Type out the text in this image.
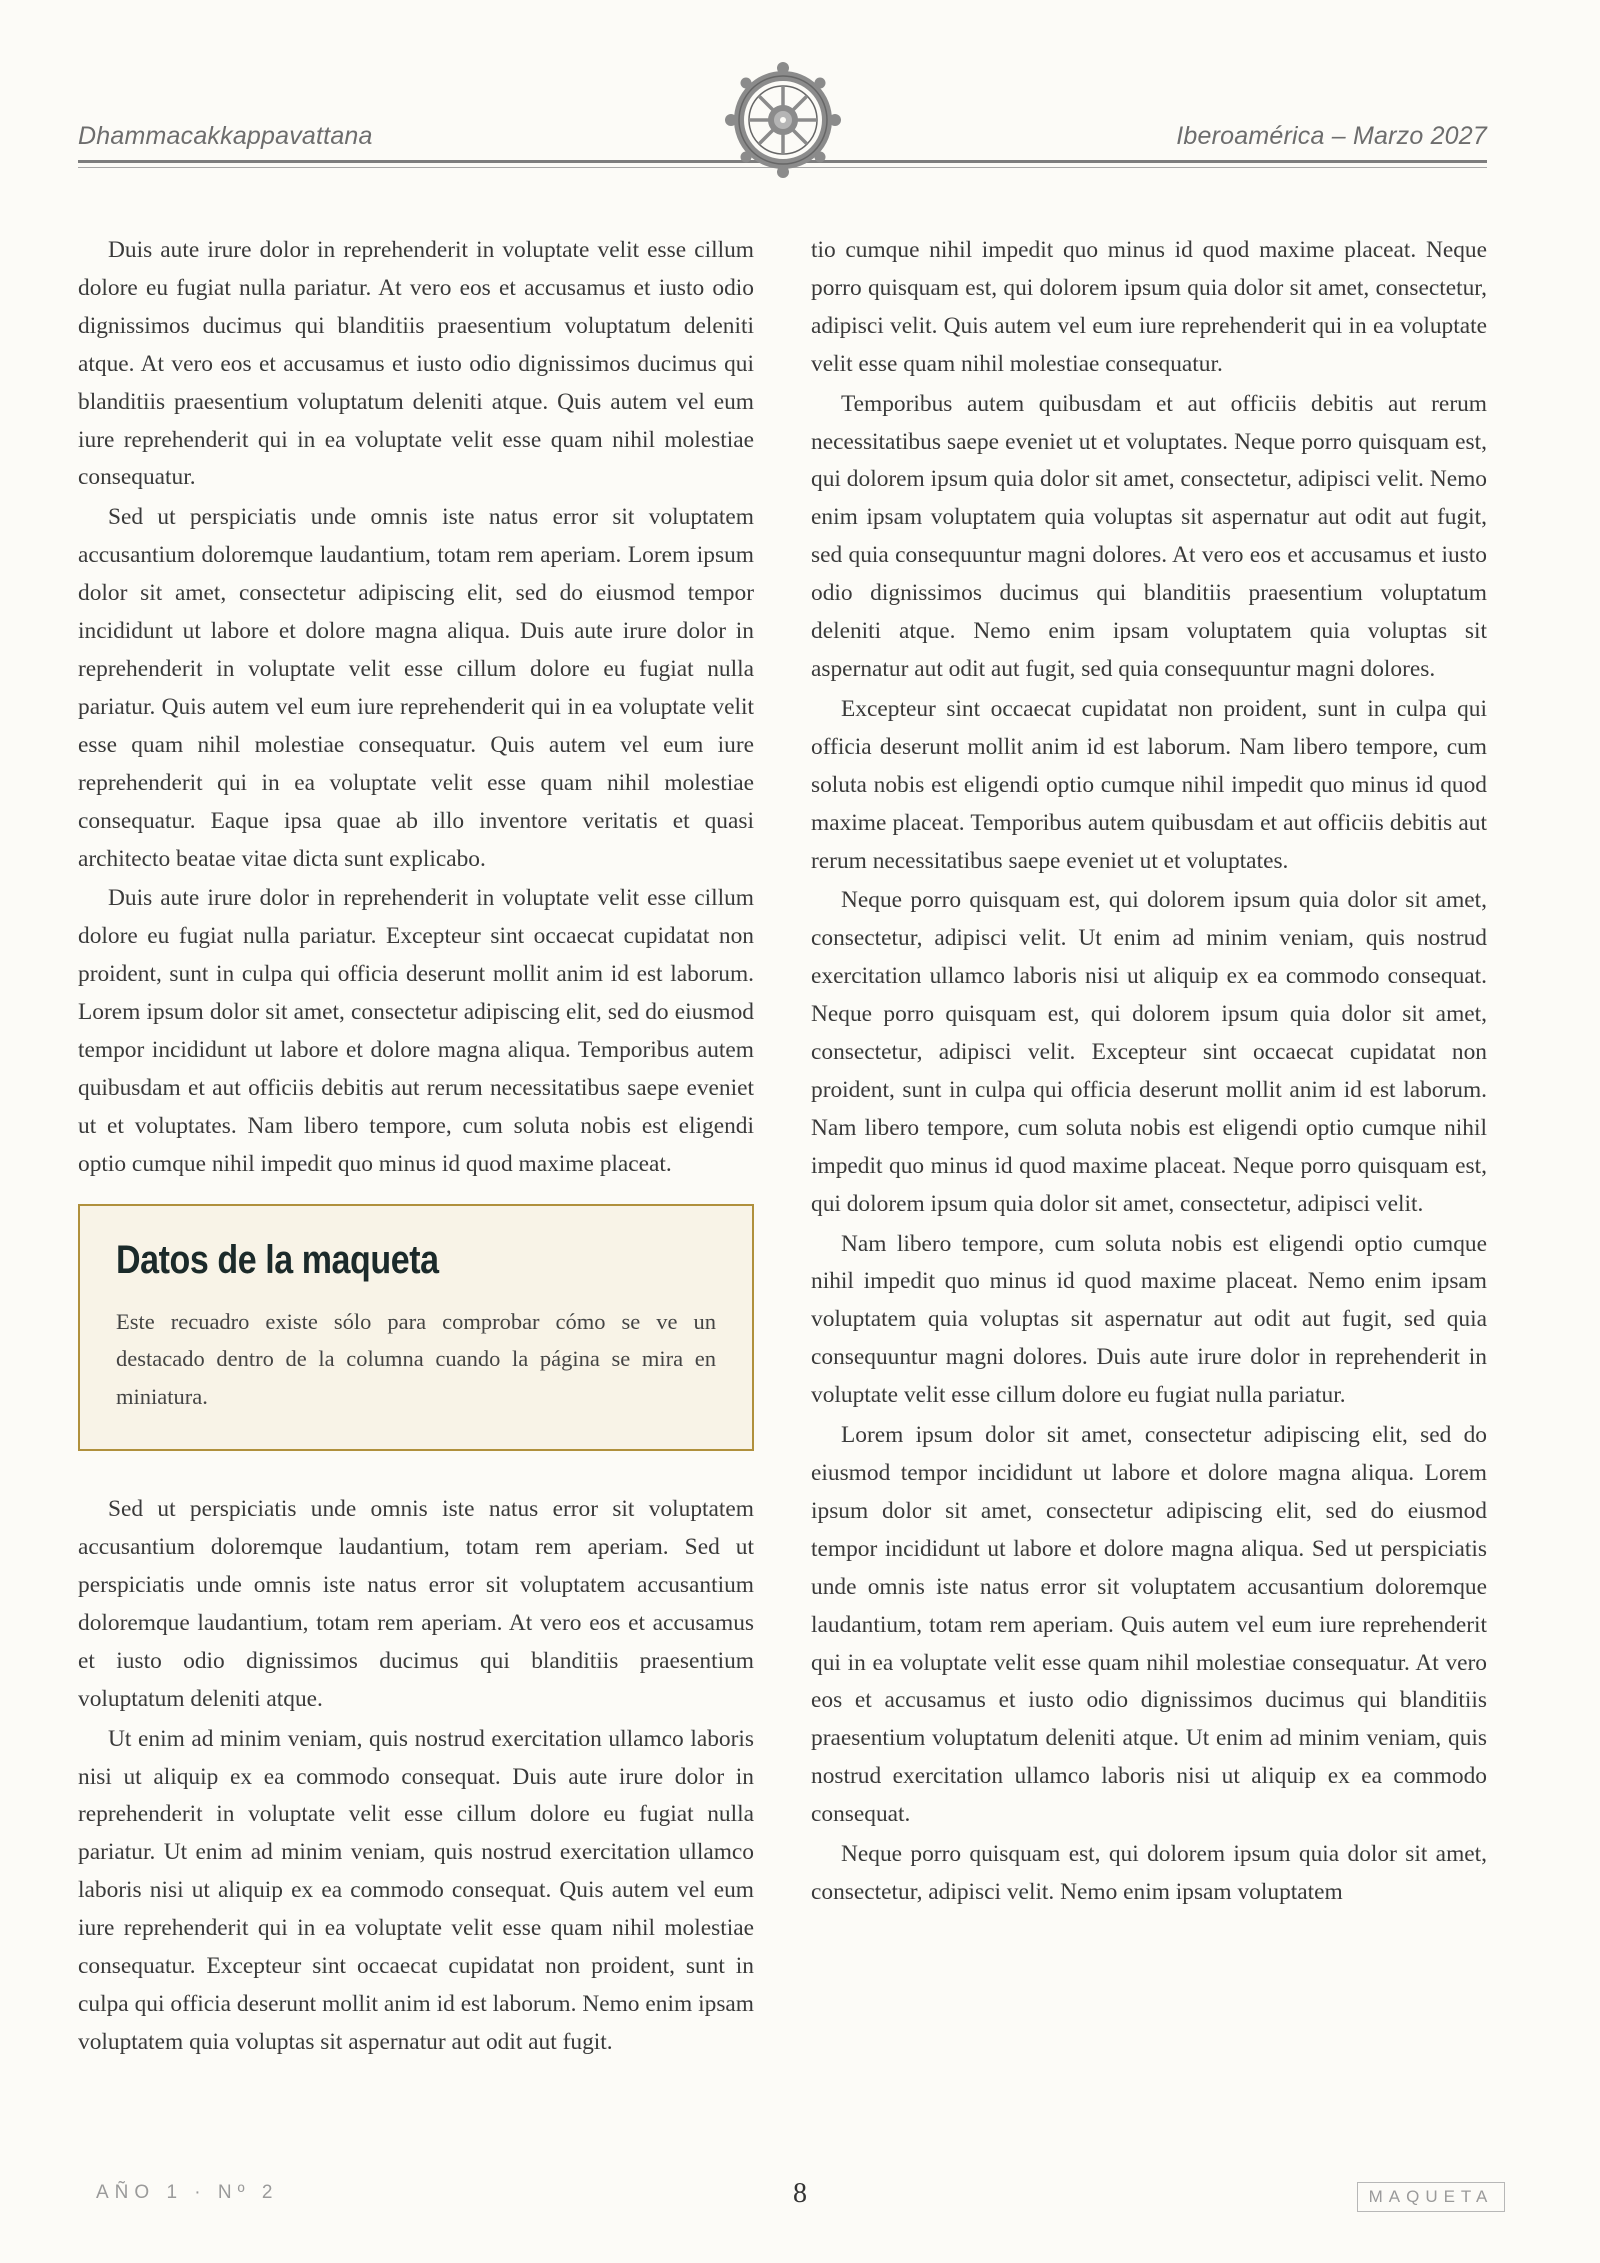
Dhammacakkappavattana	Iberoamérica – Marzo 2027

Duis aute irure dolor in reprehenderit in voluptate velit esse cillum dolore eu fugiat nulla pariatur. At vero eos et accusamus et iusto odio dignissimos ducimus qui blanditiis praesentium voluptatum deleniti atque. At vero eos et accusamus et iusto odio dignissimos ducimus qui blanditiis praesentium voluptatum deleniti atque. Quis autem vel eum iure reprehenderit qui in ea voluptate velit esse quam nihil molestiae consequatur.

Sed ut perspiciatis unde omnis iste natus error sit voluptatem accusantium doloremque laudantium, totam rem aperiam. Lorem ipsum dolor sit amet, consectetur adipiscing elit, sed do eiusmod tempor incididunt ut labore et dolore magna aliqua. Duis aute irure dolor in reprehenderit in voluptate velit esse cillum dolore eu fugiat nulla pariatur. Quis autem vel eum iure reprehenderit qui in ea voluptate velit esse quam nihil molestiae consequatur. Quis autem vel eum iure reprehenderit qui in ea voluptate velit esse quam nihil molestiae consequatur. Eaque ipsa quae ab illo inventore veritatis et quasi architecto beatae vitae dicta sunt explicabo.

Duis aute irure dolor in reprehenderit in voluptate velit esse cillum dolore eu fugiat nulla pariatur. Excepteur sint occaecat cupidatat non proident, sunt in culpa qui officia deserunt mollit anim id est laborum. Lorem ipsum dolor sit amet, consectetur adipiscing elit, sed do eiusmod tempor incididunt ut labore et dolore magna aliqua. Temporibus autem quibusdam et aut officiis debitis aut rerum necessitatibus saepe eveniet ut et voluptates. Nam libero tempore, cum soluta nobis est eligendi optio cumque nihil impedit quo minus id quod maxime placeat.

Datos de la maqueta
Este recuadro existe sólo para comprobar cómo se ve un destacado dentro de la columna cuando la página se mira en miniatura.

Sed ut perspiciatis unde omnis iste natus error sit voluptatem accusantium doloremque laudantium, totam rem aperiam. Sed ut perspiciatis unde omnis iste natus error sit voluptatem accusantium doloremque laudantium, totam rem aperiam. At vero eos et accusamus et iusto odio dignissimos ducimus qui blanditiis praesentium voluptatum deleniti atque.

Ut enim ad minim veniam, quis nostrud exercitation ullamco laboris nisi ut aliquip ex ea commodo consequat. Duis aute irure dolor in reprehenderit in voluptate velit esse cillum dolore eu fugiat nulla pariatur. Ut enim ad minim veniam, quis nostrud exercitation ullamco laboris nisi ut aliquip ex ea commodo consequat. Quis autem vel eum iure reprehenderit qui in ea voluptate velit esse quam nihil molestiae consequatur. Excepteur sint occaecat cupidatat non proident, sunt in culpa qui officia deserunt mollit anim id est laborum. Nemo enim ipsam voluptatem quia voluptas sit aspernatur aut odit aut fugit.

tio cumque nihil impedit quo minus id quod maxime placeat. Neque porro quisquam est, qui dolorem ipsum quia dolor sit amet, consectetur, adipisci velit. Quis autem vel eum iure reprehenderit qui in ea voluptate velit esse quam nihil molestiae consequatur.

Temporibus autem quibusdam et aut officiis debitis aut rerum necessitatibus saepe eveniet ut et voluptates. Neque porro quisquam est, qui dolorem ipsum quia dolor sit amet, consectetur, adipisci velit. Nemo enim ipsam voluptatem quia voluptas sit aspernatur aut odit aut fugit, sed quia consequuntur magni dolores. At vero eos et accusamus et iusto odio dignissimos ducimus qui blanditiis praesentium voluptatum deleniti atque. Nemo enim ipsam voluptatem quia voluptas sit aspernatur aut odit aut fugit, sed quia consequuntur magni dolores.

Excepteur sint occaecat cupidatat non proident, sunt in culpa qui officia deserunt mollit anim id est laborum. Nam libero tempore, cum soluta nobis est eligendi optio cumque nihil impedit quo minus id quod maxime placeat. Temporibus autem quibusdam et aut officiis debitis aut rerum necessitatibus saepe eveniet ut et voluptates.

Neque porro quisquam est, qui dolorem ipsum quia dolor sit amet, consectetur, adipisci velit. Ut enim ad minim veniam, quis nostrud exercitation ullamco laboris nisi ut aliquip ex ea commodo consequat. Neque porro quisquam est, qui dolorem ipsum quia dolor sit amet, consectetur, adipisci velit. Excepteur sint occaecat cupidatat non proident, sunt in culpa qui officia deserunt mollit anim id est laborum. Nam libero tempore, cum soluta nobis est eligendi optio cumque nihil impedit quo minus id quod maxime placeat. Neque porro quisquam est, qui dolorem ipsum quia dolor sit amet, consectetur, adipisci velit.

Nam libero tempore, cum soluta nobis est eligendi optio cumque nihil impedit quo minus id quod maxime placeat. Nemo enim ipsam voluptatem quia voluptas sit aspernatur aut odit aut fugit, sed quia consequuntur magni dolores. Duis aute irure dolor in reprehenderit in voluptate velit esse cillum dolore eu fugiat nulla pariatur.

Lorem ipsum dolor sit amet, consectetur adipiscing elit, sed do eiusmod tempor incididunt ut labore et dolore magna aliqua. Lorem ipsum dolor sit amet, consectetur adipiscing elit, sed do eiusmod tempor incididunt ut labore et dolore magna aliqua. Sed ut perspiciatis unde omnis iste natus error sit voluptatem accusantium doloremque laudantium, totam rem aperiam. Quis autem vel eum iure reprehenderit qui in ea voluptate velit esse quam nihil molestiae consequatur. At vero eos et accusamus et iusto odio dignissimos ducimus qui blanditiis praesentium voluptatum deleniti atque. Ut enim ad minim veniam, quis nostrud exercitation ullamco laboris nisi ut aliquip ex ea commodo consequat.

Neque porro quisquam est, qui dolorem ipsum quia dolor sit amet, consectetur, adipisci velit. Nemo enim ipsam voluptatem

AÑO 1 · Nº 2	8	MAQUETA
